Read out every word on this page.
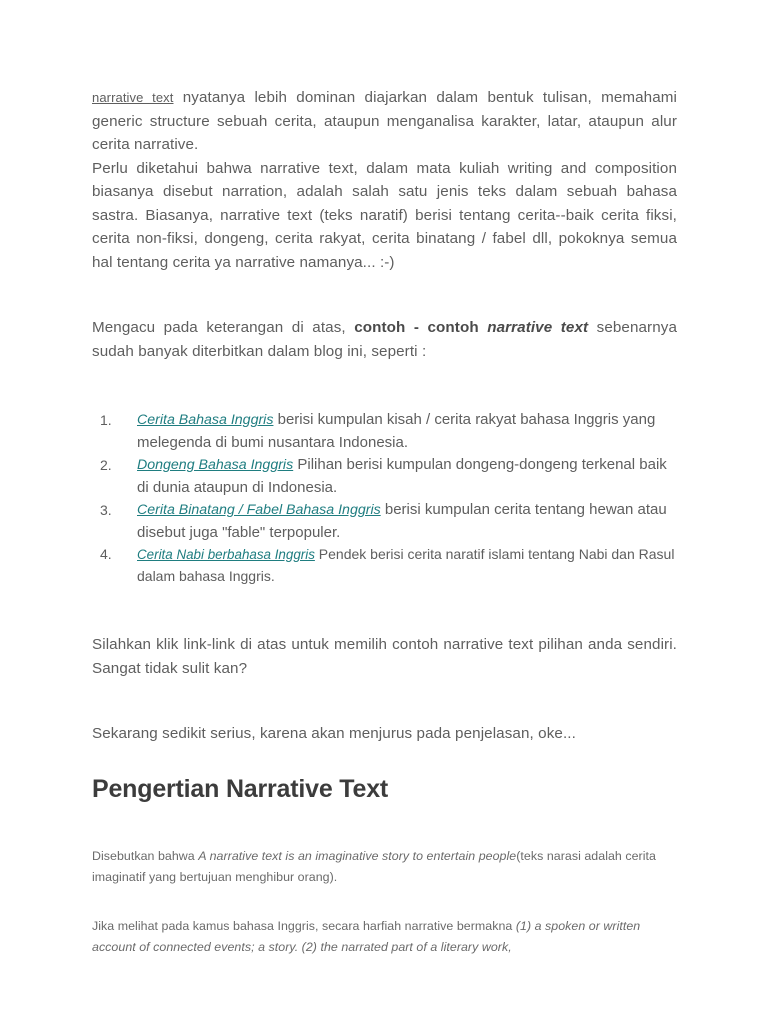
narrative text nyatanya lebih dominan diajarkan dalam bentuk tulisan, memahami generic structure sebuah cerita, ataupun menganalisa karakter, latar, ataupun alur cerita narrative.

Perlu diketahui bahwa narrative text, dalam mata kuliah writing and composition biasanya disebut narration, adalah salah satu jenis teks dalam sebuah bahasa sastra. Biasanya, narrative text (teks naratif) berisi tentang cerita--baik cerita fiksi, cerita non-fiksi, dongeng, cerita rakyat, cerita binatang / fabel dll, pokoknya semua hal tentang cerita ya narrative namanya... :-)

Mengacu pada keterangan di atas, contoh - contoh narrative text sebenarnya sudah banyak diterbitkan dalam blog ini, seperti :

1. Cerita Bahasa Inggris berisi kumpulan kisah / cerita rakyat bahasa Inggris yang melegenda di bumi nusantara Indonesia.
2. Dongeng Bahasa Inggris Pilihan berisi kumpulan dongeng-dongeng terkenal baik di dunia ataupun di Indonesia.
3. Cerita Binatang / Fabel Bahasa Inggris berisi kumpulan cerita tentang hewan atau disebut juga "fable" terpopuler.
4. Cerita Nabi berbahasa Inggris Pendek berisi cerita naratif islami tentang Nabi dan Rasul dalam bahasa Inggris.

Silahkan klik link-link di atas untuk memilih contoh narrative text pilihan anda sendiri. Sangat tidak sulit kan?

Sekarang sedikit serius, karena akan menjurus pada penjelasan, oke...

Pengertian Narrative Text

Disebutkan bahwa A narrative text is an imaginative story to entertain people(teks narasi adalah cerita imaginatif yang bertujuan menghibur orang).

Jika melihat pada kamus bahasa Inggris, secara harfiah narrative bermakna (1) a spoken or written account of connected events; a story. (2) the narrated part of a literary work,
